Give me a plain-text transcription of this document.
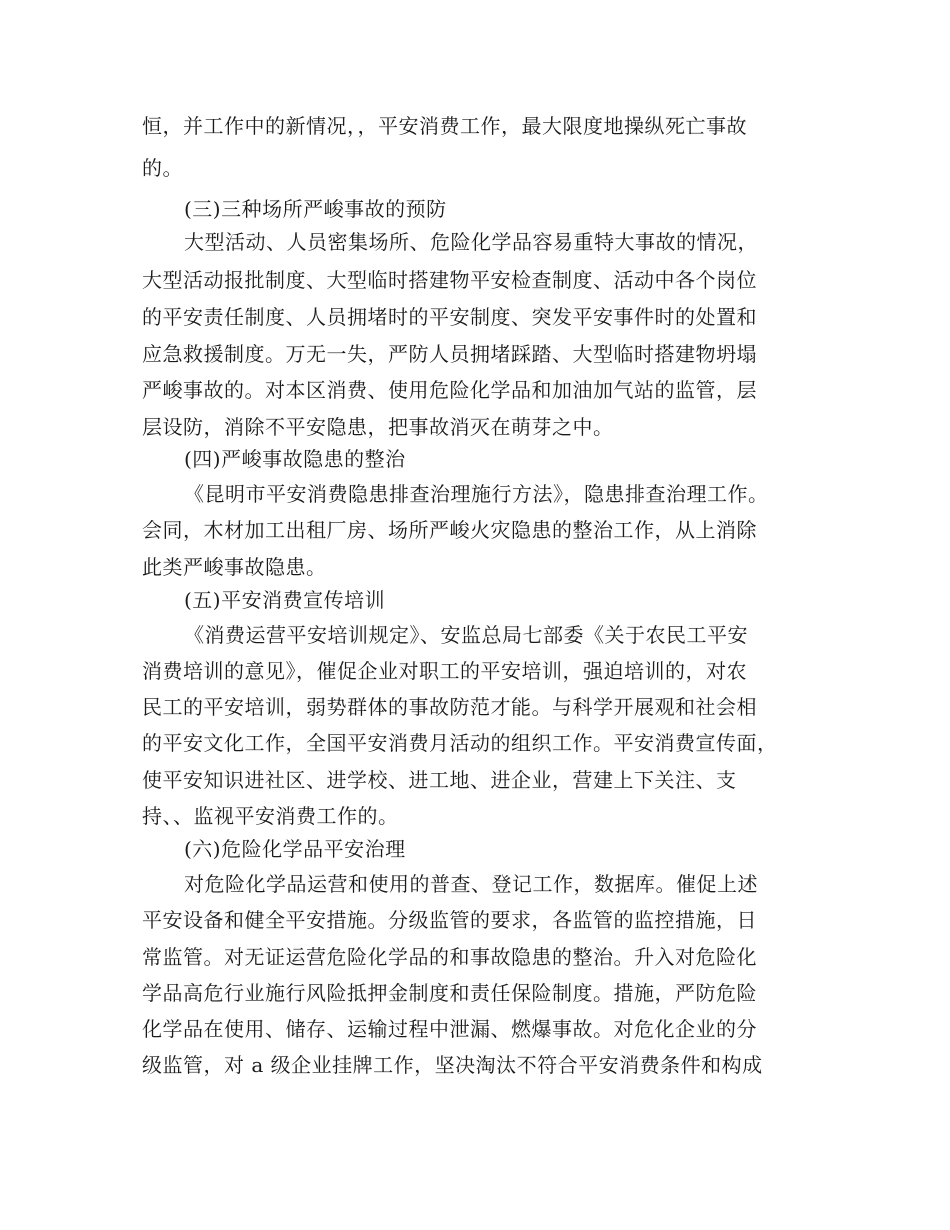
恒，并工作中的新情况，，平安消费工作，最大限度地操纵死亡事故
的。
(三)三种场所严峻事故的预防
大型活动、人员密集场所、危险化学品容易重特大事故的情况，
大型活动报批制度、大型临时搭建物平安检查制度、活动中各个岗位
的平安责任制度、人员拥堵时的平安制度、突发平安事件时的处置和
应急救援制度。万无一失，严防人员拥堵踩踏、大型临时搭建物坍塌
严峻事故的。对本区消费、使用危险化学品和加油加气站的监管，层
层设防，消除不平安隐患，把事故消灭在萌芽之中。
(四)严峻事故隐患的整治
《昆明市平安消费隐患排查治理施行方法》，隐患排查治理工作。
会同，木材加工出租厂房、场所严峻火灾隐患的整治工作，从上消除
此类严峻事故隐患。
(五)平安消费宣传培训
《消费运营平安培训规定》、安监总局七部委《关于农民工平安
消费培训的意见》，催促企业对职工的平安培训，强迫培训的，对农
民工的平安培训，弱势群体的事故防范才能。与科学开展观和社会相
的平安文化工作，全国平安消费月活动的组织工作。平安消费宣传面，
使平安知识进社区、进学校、进工地、进企业，营建上下关注、支
持、、监视平安消费工作的。
(六)危险化学品平安治理
对危险化学品运营和使用的普查、登记工作，数据库。催促上述
平安设备和健全平安措施。分级监管的要求，各监管的监控措施，日
常监管。对无证运营危险化学品的和事故隐患的整治。升入对危险化
学品高危行业施行风险抵押金制度和责任保险制度。措施，严防危险
化学品在使用、储存、运输过程中泄漏、燃爆事故。对危化企业的分
级监管，对 a 级企业挂牌工作，坚决淘汰不符合平安消费条件和构成
